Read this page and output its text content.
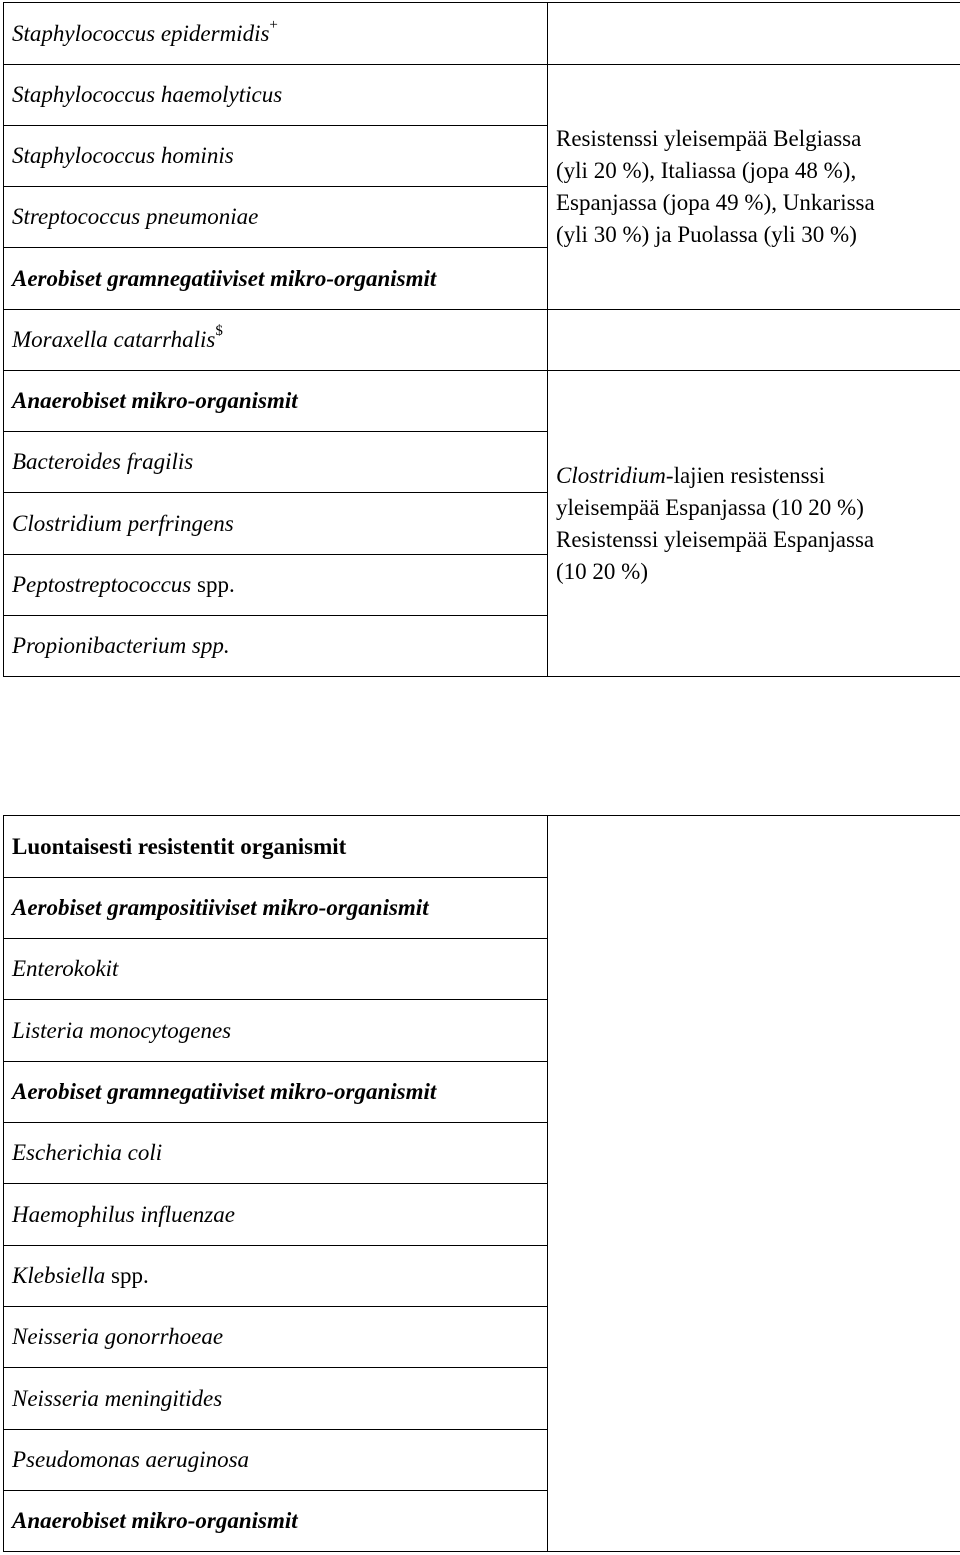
Staphylococcus epidermidis+	
Staphylococcus haemolyticus	Resistenssi yleisempää Belgiassa
(yli 20 %), Italiassa (jopa 48 %),
Espanjassa (jopa 49 %), Unkarissa
(yli 30 %) ja Puolassa (yli 30 %)

Staphylococcus hominis	
Streptococcus pneumoniae	
Aerobiset gramnegatiiviset mikro-organismit	
Moraxella catarrhalis$	
Anaerobiset mikro-organismit	Clostridium-lajien resistenssi
yleisempää Espanjassa (10 20 %)
Resistenssi yleisempää Espanjassa
(10 20 %)

Bacteroides fragilis	
Clostridium perfringens	
Peptostreptococcus spp.	
Propionibacterium spp.	
Luontaisesti resistentit organismit	
Aerobiset grampositiiviset mikro-organismit
Enterokokit
Listeria monocytogenes
Aerobiset gramnegatiiviset mikro-organismit
Escherichia coli
Haemophilus influenzae
Klebsiella spp.
Neisseria gonorrhoeae
Neisseria meningitides
Pseudomonas aeruginosa
Anaerobiset mikro-organismit
